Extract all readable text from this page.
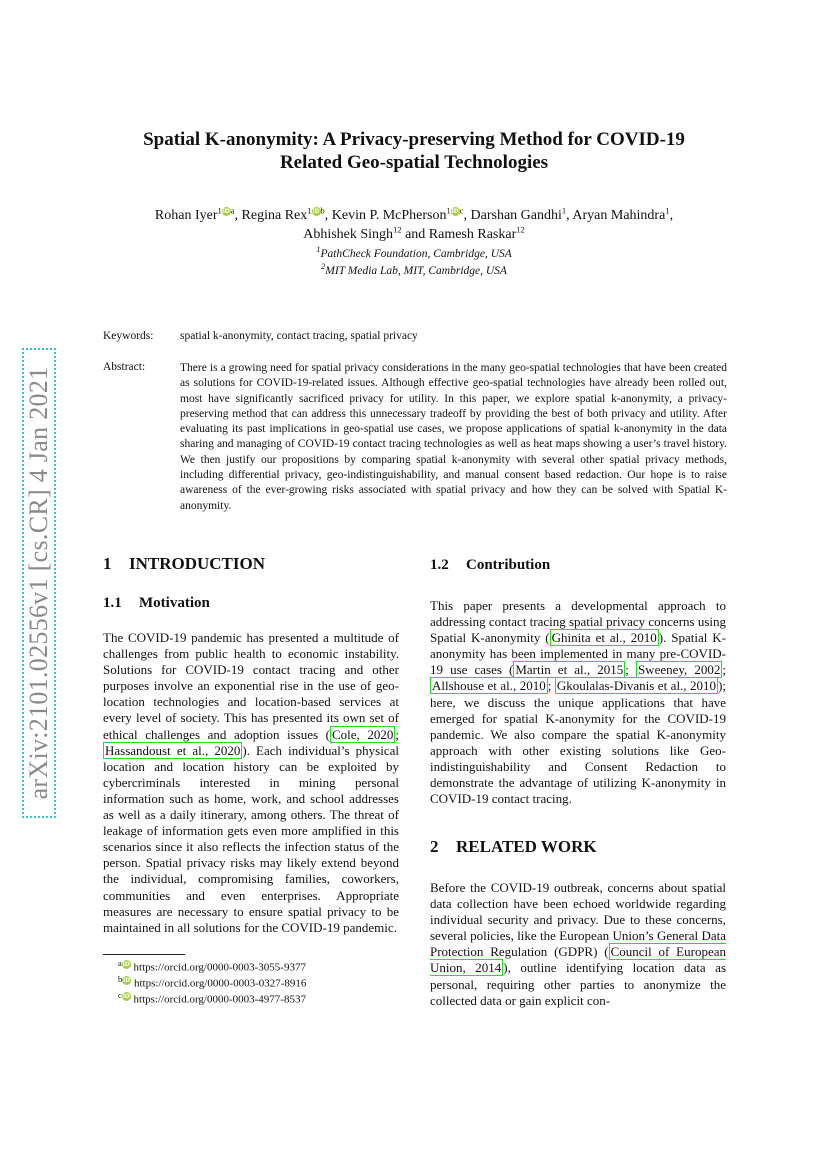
arXiv:2101.02556v1 [cs.CR] 4 Jan 2021
Spatial K-anonymity: A Privacy-preserving Method for COVID-19
Related Geo-spatial Technologies
Rohan $Iyer^1iD^a$, Regina $Rex^1iD^b$, Kevin P. $McPherson^1iD^c$, Darshan Gandhi$^1$, Aryan Mahindra$^1$,
Abhishek Singh$^{12}$ and Ramesh Raskar$^{12}$
$^1$PathCheck Foundation, Cambridge, USA
$^2$MIT Media Lab, MIT, Cambridge, USA
Keywords: spatial k-anonymity, contact tracing, spatial privacy
Abstract:	There is a growing need for spatial privacy considerations in the many geo-spatial technologies that have been created as solutions for COVID-19-related issues. Although effective geo-spatial technologies have already been rolled out, most have significantly sacrificed privacy for utility. In this paper, we explore spatial k-anonymity, a privacy-preserving method that can address this unnecessary tradeoff by providing the best of both privacy and utility. After evaluating its past implications in geo-spatial use cases, we propose applications of spatial k-anonymity in the data sharing and managing of COVID-19 contact tracing technologies as well as heat maps showing a user’s travel history. We then justify our propositions by comparing spatial k-anonymity with several other spatial privacy methods, including differential privacy, geo-indistinguishability, and manual consent based redaction. Our hope is to raise awareness of the ever-growing risks associated with spatial privacy and how they can be solved with Spatial K-anonymity.
1 INTRODUCTION
1.1 Motivation
The COVID-19 pandemic has presented a multitude of challenges from public health to economic instability. Solutions for COVID-19 contact tracing and other purposes involve an exponential rise in the use of geo-location technologies and location-based services at every level of society. This has presented its own set of ethical challenges and adoption issues ( Cole, 2020 ; Hassandoust et al., 2020 ). Each individual’s physical location and location history can be exploited by cybercriminals interested in mining personal information such as home, work, and school addresses as well as a daily itinerary, among others. The threat of leakage of information gets even more amplified in this scenarios since it also reflects the infection status of the person. Spatial privacy risks may likely extend beyond the individual, compromising families, coworkers, communities and even enterprises. Appropriate measures are necessary to ensure spatial privacy to be maintained in all solutions for the COVID-19 pandemic.
$^a$iD https://orcid.org/0000-0003-3055-9377
$^b$iD https://orcid.org/0000-0003-0327-8916
$^c$iD https://orcid.org/0000-0003-4977-8537
1.2 Contribution
This paper presents a developmental approach to addressing contact tracing spatial privacy concerns using Spatial K-anonymity ( Ghinita et al., 2010 ). Spatial K-anonymity has been implemented in many pre-COVID-19 use cases ( Martin et al., 2015 ; Sweeney, 2002 ; Allshouse et al., 2010 ; Gkoulalas-Divanis et al., 2010 ); here, we discuss the unique applications that have emerged for spatial K-anonymity for the COVID-19 pandemic. We also compare the spatial K-anonymity approach with other existing solutions like Geo-indistinguishability and Consent Redaction to demonstrate the advantage of utilizing K-anonymity in COVID-19 contact tracing.
2 RELATED WORK
Before the COVID-19 outbreak, concerns about spatial data collection have been echoed worldwide regarding individual security and privacy. Due to these concerns, several policies, like the European Union’s General Data Protection Regulation (GDPR) ( Council of European Union, 2014 ), outline identifying location data as personal, requiring other parties to anonymize the collected data or gain explicit con-
